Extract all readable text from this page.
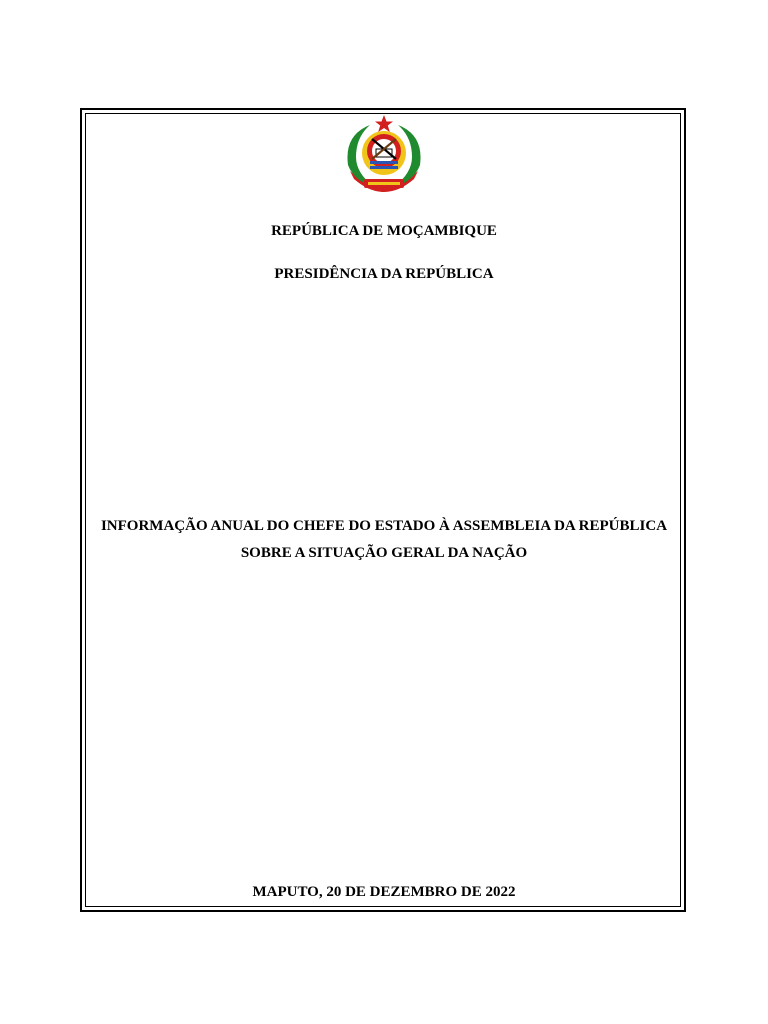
REPÚBLICA DE MOÇAMBIQUE
PRESIDÊNCIA DA REPÚBLICA
INFORMAÇÃO ANUAL DO CHEFE DO ESTADO À ASSEMBLEIA DA REPÚBLICA
SOBRE A SITUAÇÃO GERAL DA NAÇÃO
MAPUTO, 20 DE DEZEMBRO DE 2022
